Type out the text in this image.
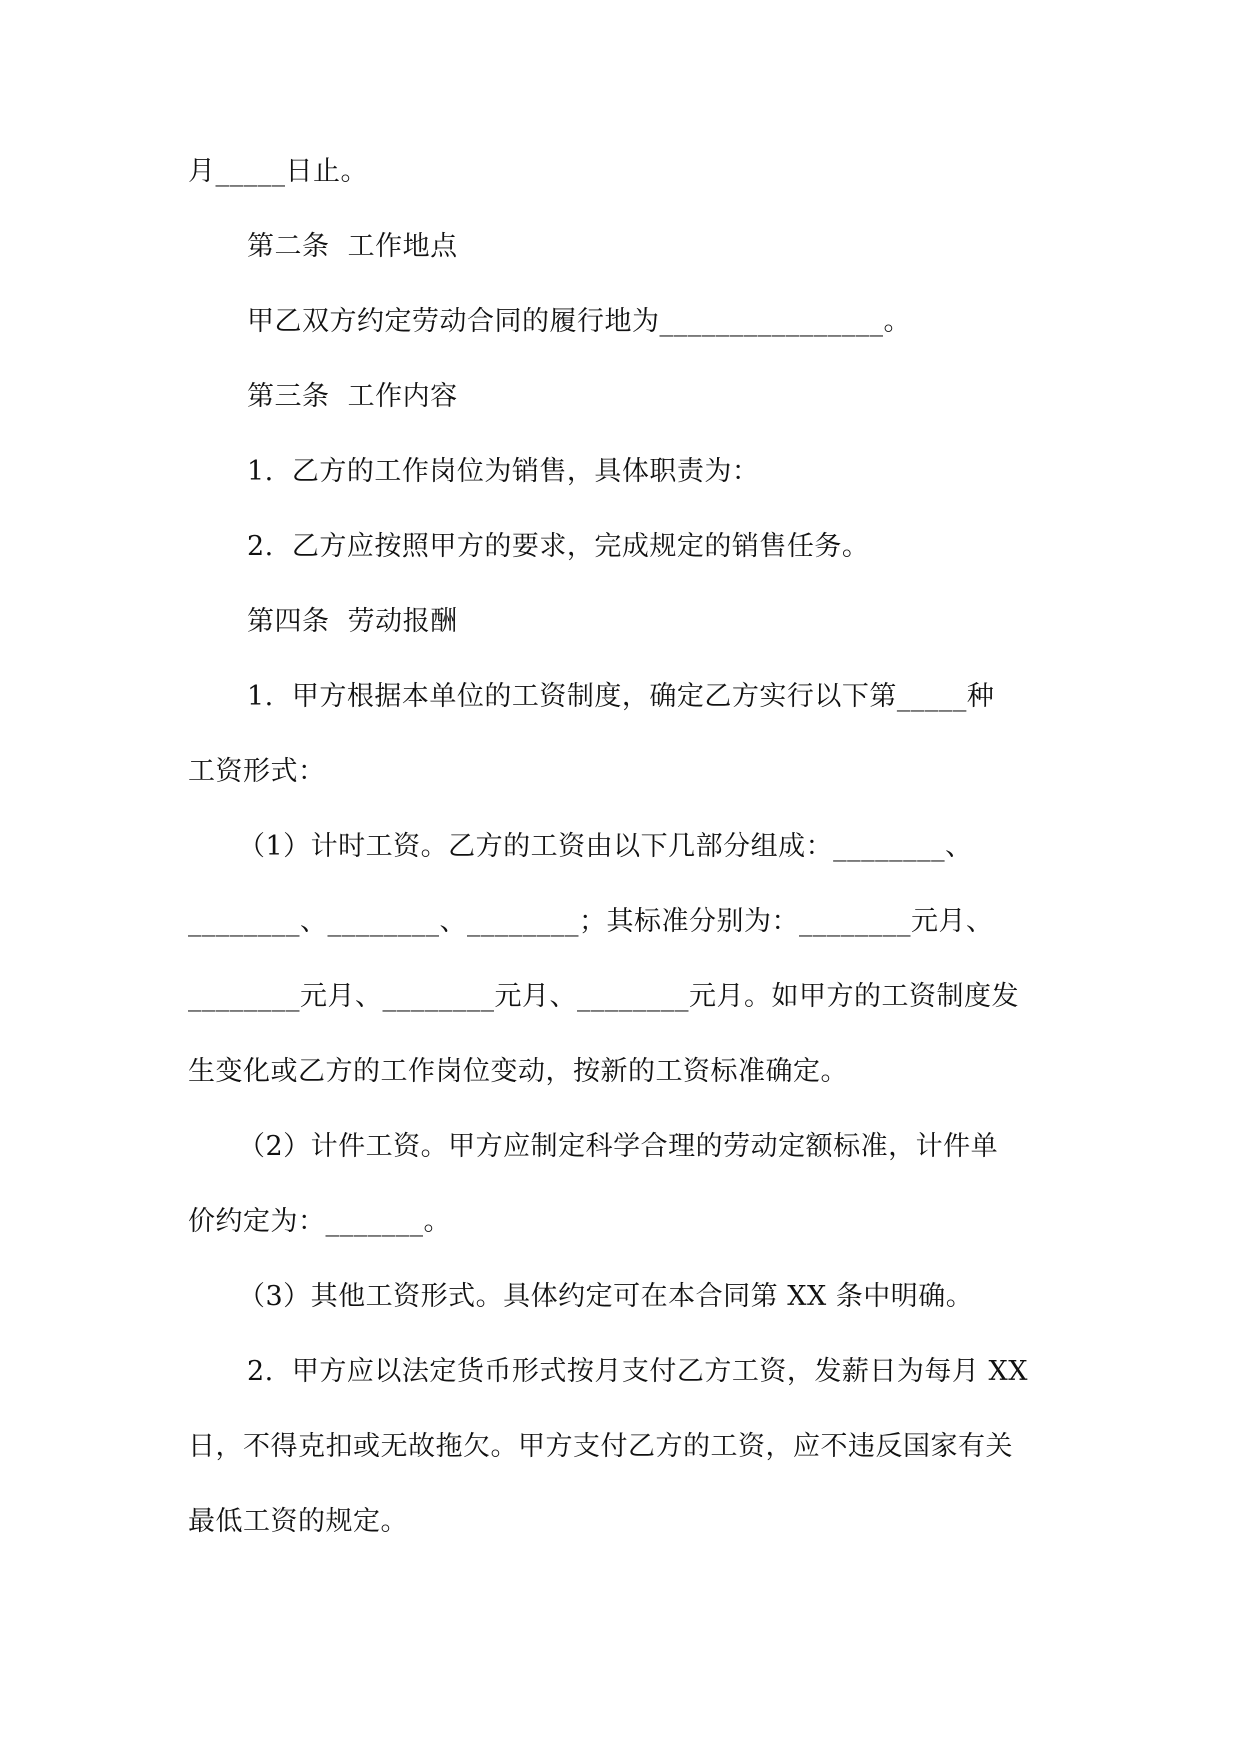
月_____日止。
第二条  工作地点
甲乙双方约定劳动合同的履行地为________________。
第三条  工作内容
1.  乙方的工作岗位为销售，具体职责为：
2.  乙方应按照甲方的要求，完成规定的销售任务。
第四条  劳动报酬
1.  甲方根据本单位的工资制度，确定乙方实行以下第_____种
工资形式：
（1）计时工资。乙方的工资由以下几部分组成：________、
________、________、________；其标准分别为：________元月、
________元月、________元月、________元月。如甲方的工资制度发
生变化或乙方的工作岗位变动，按新的工资标准确定。
（2）计件工资。甲方应制定科学合理的劳动定额标准，计件单
价约定为：_______。
（3）其他工资形式。具体约定可在本合同第 XX 条中明确。
2.  甲方应以法定货币形式按月支付乙方工资，发薪日为每月 XX
日，不得克扣或无故拖欠。甲方支付乙方的工资，应不违反国家有关
最低工资的规定。
